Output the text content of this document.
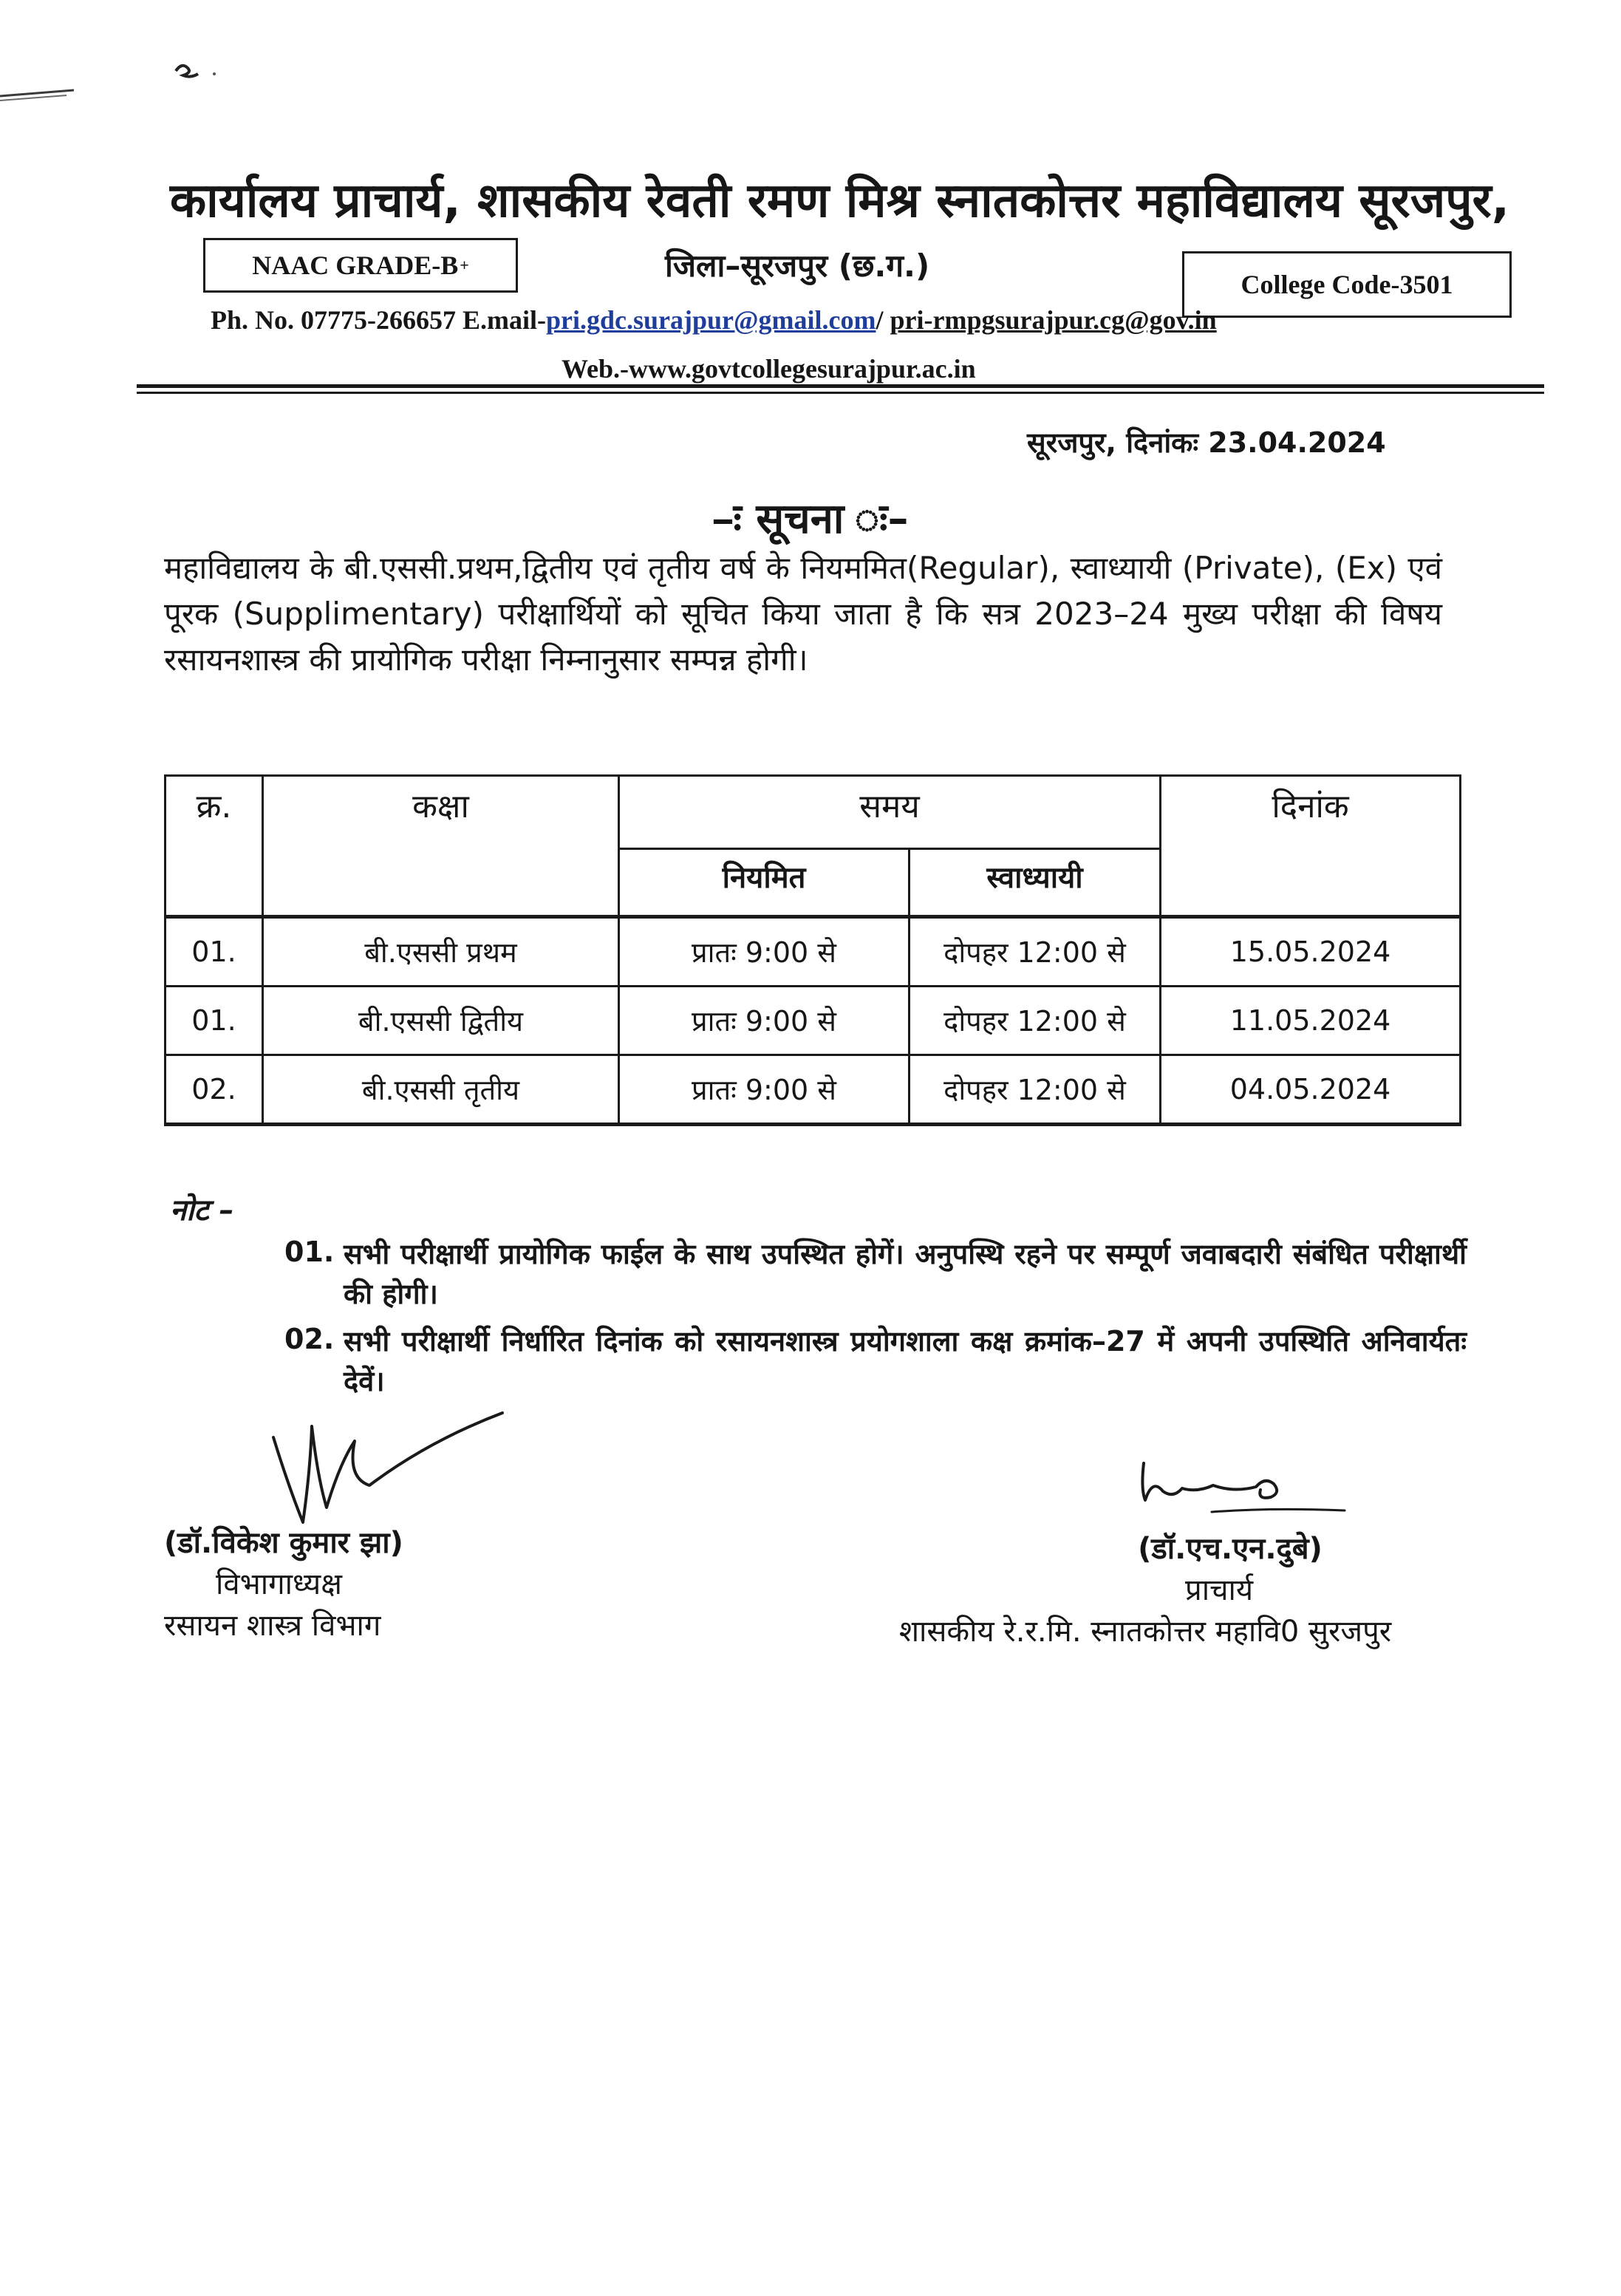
कार्यालय प्राचार्य, शासकीय रेवती रमण मिश्र स्नातकोत्तर महाविद्यालय सूरजपुर,
NAAC GRADE-B +	जिला–सूरजपुर (छ.ग.)
College Code-3501
Ph. No. 07775-266657 E.mail-pri.gdc.surajpur@gmail.com/ pri-rmpgsurajpur.cg@gov.in
Web.-www.govtcollegesurajpur.ac.in
सूरजपुर, दिनांकः 23.04.2024
–ः सूचना ः–
महाविद्यालय के बी.एससी.प्रथम,द्वितीय एवं तृतीय वर्ष के नियममित(Regular), स्वाध्यायी (Private), (Ex) एवं पूरक (Supplimentary) परीक्षार्थियों को सूचित किया जाता है कि सत्र 2023–24 मुख्य परीक्षा की विषय रसायनशास्त्र की प्रायोगिक परीक्षा निम्नानुसार सम्पन्न होगी।
क्र.	कक्षा	समय		दिनांक
		नियमित	स्वाध्यायी	
01.	बी.एससी प्रथम	प्रातः 9:00 से	दोपहर 12:00 से	15.05.2024
01.	बी.एससी द्वितीय	प्रातः 9:00 से	दोपहर 12:00 से	11.05.2024
02.	बी.एससी तृतीय	प्रातः 9:00 से	दोपहर 12:00 से	04.05.2024
नोट –
01. सभी परीक्षार्थी प्रायोगिक फाईल के साथ उपस्थित होगें। अनुपस्थि रहने पर सम्पूर्ण जवाबदारी संबंधित परीक्षार्थी की होगी।
02. सभी परीक्षार्थी निर्धारित दिनांक को रसायनशास्त्र प्रयोगशाला कक्ष क्रमांक–27 में अपनी उपस्थिति अनिवार्यतः देवें।
(डॉ.विकेश कुमार झा)
विभागाध्यक्ष
रसायन शास्त्र विभाग
(डॉ.एच.एन.दुबे)
प्राचार्य
शासकीय रे.र.मि. स्नातकोत्तर महावि0 सुरजपुर
